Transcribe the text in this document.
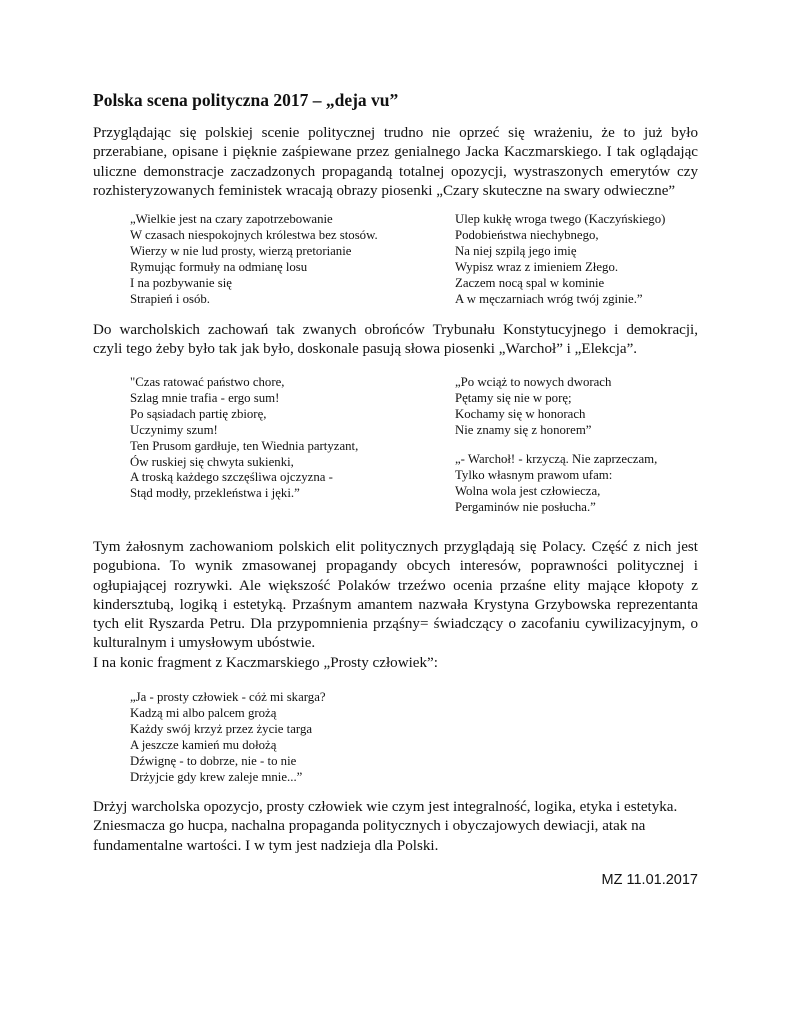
Polska scena polityczna 2017 – „deja vu”
Przyglądając się polskiej scenie politycznej trudno nie oprzeć się wrażeniu, że to już było
przerabiane, opisane i pięknie zaśpiewane przez genialnego Jacka Kaczmarskiego. I tak oglądając
uliczne demonstracje zaczadzonych propagandą totalnej opozycji, wystraszonych emerytów czy
rozhisteryzowanych feministek wracają obrazy piosenki „Czary skuteczne na swary odwieczne”
„Wielkie jest na czary zapotrzebowanie
W czasach niespokojnych królestwa bez stosów.
Wierzy w nie lud prosty, wierzą pretorianie
Rymując formuły na odmianę losu
I na pozbywanie się
Strapień i osób.
Ulep kukłę wroga twego (Kaczyńskiego)
Podobieństwa niechybnego,
Na niej szpilą jego imię
Wypisz wraz z imieniem Złego.
Zaczem nocą spal w kominie
A w męczarniach wróg twój zginie.”
Do warcholskich zachowań tak zwanych obrońców Trybunału Konstytucyjnego i demokracji,
czyli tego żeby było tak jak było, doskonale pasują słowa piosenki „Warchoł” i „Elekcja”.
"Czas ratować państwo chore,
Szlag mnie trafia - ergo sum!
Po sąsiadach partię zbiorę,
Uczynimy szum!
Ten Prusom gardłuje, ten Wiednia partyzant,
Ów ruskiej się chwyta sukienki,
A troską każdego szczęśliwa ojczyzna -
Stąd modły, przekleństwa i jęki.”
„Po wciąż to nowych dworach
Pętamy się nie w porę;
Kochamy się w honorach
Nie znamy się z honorem”
„- Warchoł! - krzyczą. Nie zaprzeczam,
Tylko własnym prawom ufam:
Wolna wola jest człowiecza,
Pergaminów nie posłucha.”
Tym żałosnym zachowaniom polskich elit politycznych przyglądają się Polacy. Część z nich jest
pogubiona. To wynik zmasowanej propagandy obcych interesów, poprawności politycznej i
ogłupiającej rozrywki. Ale większość Polaków trzeźwo ocenia przaśne elity mające kłopoty z
kindersztubą, logiką i estetyką. Przaśnym amantem nazwała Krystyna Grzybowska reprezentanta
tych elit Ryszarda Petru. Dla przypomnienia prząśny= świadczący o zacofaniu cywilizacyjnym, o
kulturalnym i umysłowym ubóstwie.
I na konic fragment z Kaczmarskiego „Prosty człowiek”:
„Ja - prosty człowiek - cóż mi skarga?
Kadzą mi albo palcem grożą
Każdy swój krzyż przez życie targa
A jeszcze kamień mu dołożą
Dźwignę - to dobrze, nie - to nie
Drżyjcie gdy krew zaleje mnie...”
Drżyj warcholska opozycjo, prosty człowiek wie czym jest integralność, logika, etyka i estetyka.
Zniesmacza go hucpa, nachalna propaganda politycznych i obyczajowych dewiacji, atak na
fundamentalne wartości. I w tym jest nadzieja dla Polski.

MZ 11.01.2017
